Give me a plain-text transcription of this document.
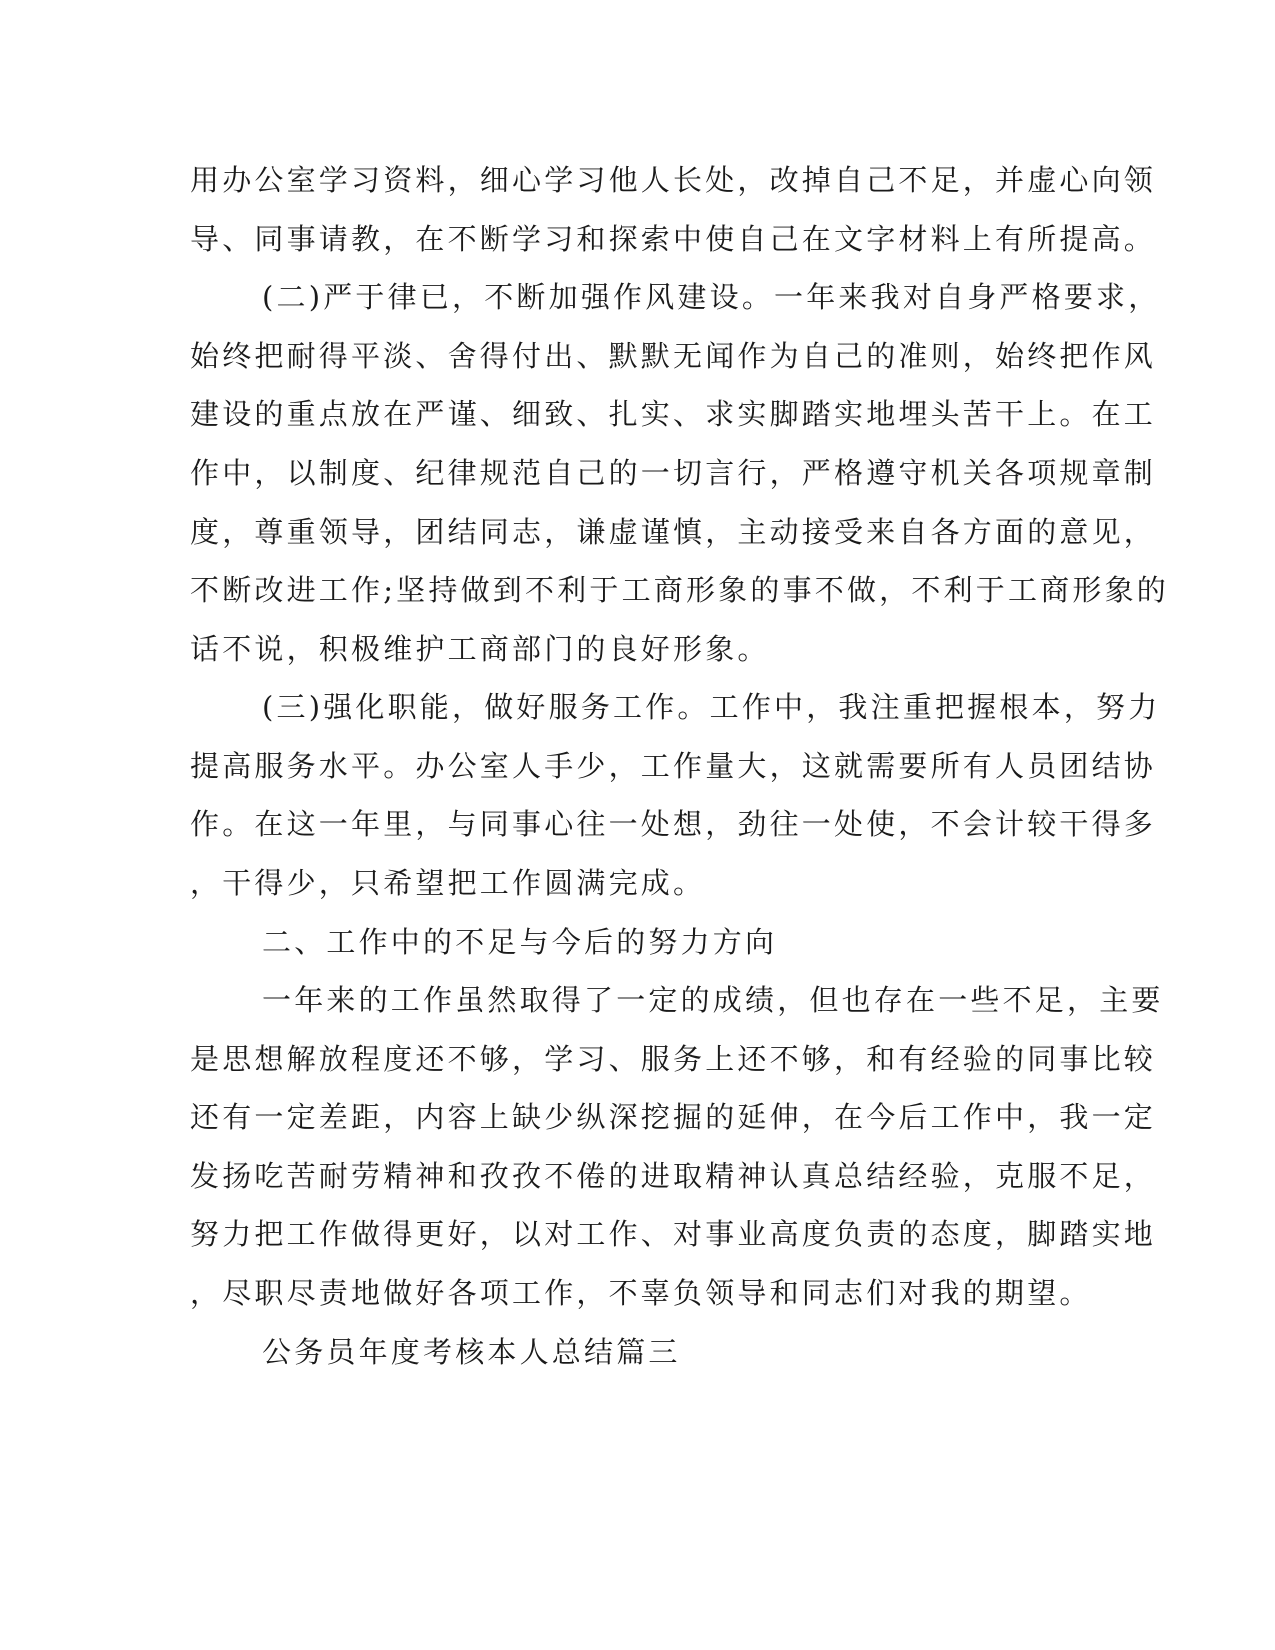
用办公室学习资料，细心学习他人长处，改掉自己不足，并虚心向领
导、同事请教，在不断学习和探索中使自己在文字材料上有所提高。
(二)严于律已，不断加强作风建设。一年来我对自身严格要求，
始终把耐得平淡、舍得付出、默默无闻作为自己的准则，始终把作风
建设的重点放在严谨、细致、扎实、求实脚踏实地埋头苦干上。在工
作中，以制度、纪律规范自己的一切言行，严格遵守机关各项规章制
度，尊重领导，团结同志，谦虚谨慎，主动接受来自各方面的意见，
不断改进工作;坚持做到不利于工商形象的事不做，不利于工商形象的
话不说，积极维护工商部门的良好形象。
(三)强化职能，做好服务工作。工作中，我注重把握根本，努力
提高服务水平。办公室人手少，工作量大，这就需要所有人员团结协
作。在这一年里，与同事心往一处想，劲往一处使，不会计较干得多
，干得少，只希望把工作圆满完成。
二、工作中的不足与今后的努力方向
一年来的工作虽然取得了一定的成绩，但也存在一些不足，主要
是思想解放程度还不够，学习、服务上还不够，和有经验的同事比较
还有一定差距，内容上缺少纵深挖掘的延伸，在今后工作中，我一定
发扬吃苦耐劳精神和孜孜不倦的进取精神认真总结经验，克服不足，
努力把工作做得更好，以对工作、对事业高度负责的态度，脚踏实地
，尽职尽责地做好各项工作，不辜负领导和同志们对我的期望。
公务员年度考核本人总结篇三
